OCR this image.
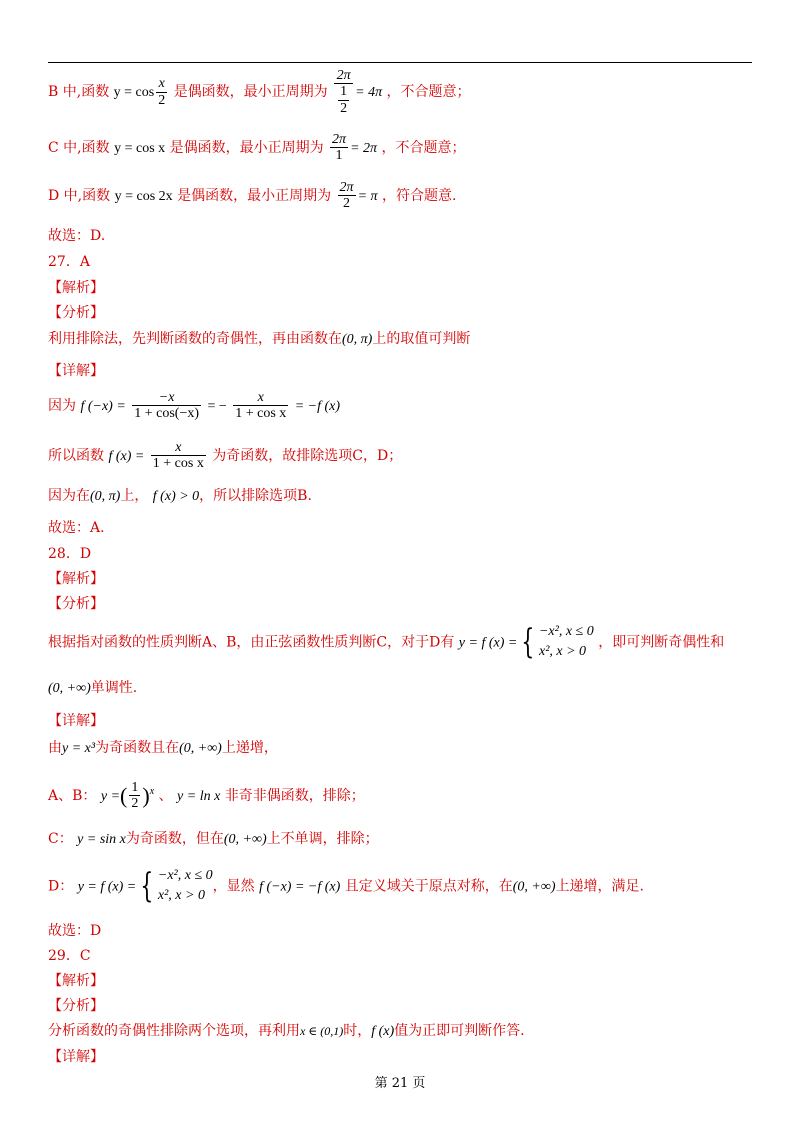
B 中,函数 $y = \cos \frac{x}{2}$ 是偶函数，最小正周期为 2π
1
2 = 4π ，不合题意；
C 中,函数 y = cos x 是偶函数，最小正周期为 $\frac{2\pi}{1} = 2\pi$ ，不合题意；
D 中,函数 y = cos 2x 是偶函数，最小正周期为 $\frac{2\pi}{2} = \pi$ ，符合题意.
故选：D.
27．A
【解析】
【分析】
利用排除法，先判断函数的奇偶性，再由函数在(0, π)上的取值可判断
【详解】
因为 f $(-x) = \frac{-x}{1 + \cos(-x)}$ = − $\frac{x}{\text{1 + cos x}} = -f$ (x)
所以函数 f $(x) = \frac{x}{\text{1 + cos x}}$ 为奇函数，故排除选项C，D；
因为在(0, π)上， f (x) > 0，所以排除选项B.
故选：A.
28．D
【解析】
【分析】
根据指对函数的性质判断A、B，由正弦函数性质判断C，对于D有 y = f (x) = { −x², x ≤ 0
x², x > 0
，即可判断奇偶性和
(0, +∞)单调性.
【详解】
由y = x³为奇函数且在(0, +∞)上递增，
A、B： y =( $\frac{1}{2} )^x$ 、 y = ln x 非奇非偶函数，排除；
C： y = sin x为奇函数，但在(0, +∞)上不单调，排除；
D： y = f (x) = { −x², x ≤ 0
x², x > 0
，显然 f (−x) = −f (x) 且定义域关于原点对称，在(0, +∞)上递增，满足.
故选：D
29．C
【解析】
【分析】
分析函数的奇偶性排除两个选项，再利用x ∈ (0,1)时，f (x)值为正即可判断作答.
【详解】
第 21 页
